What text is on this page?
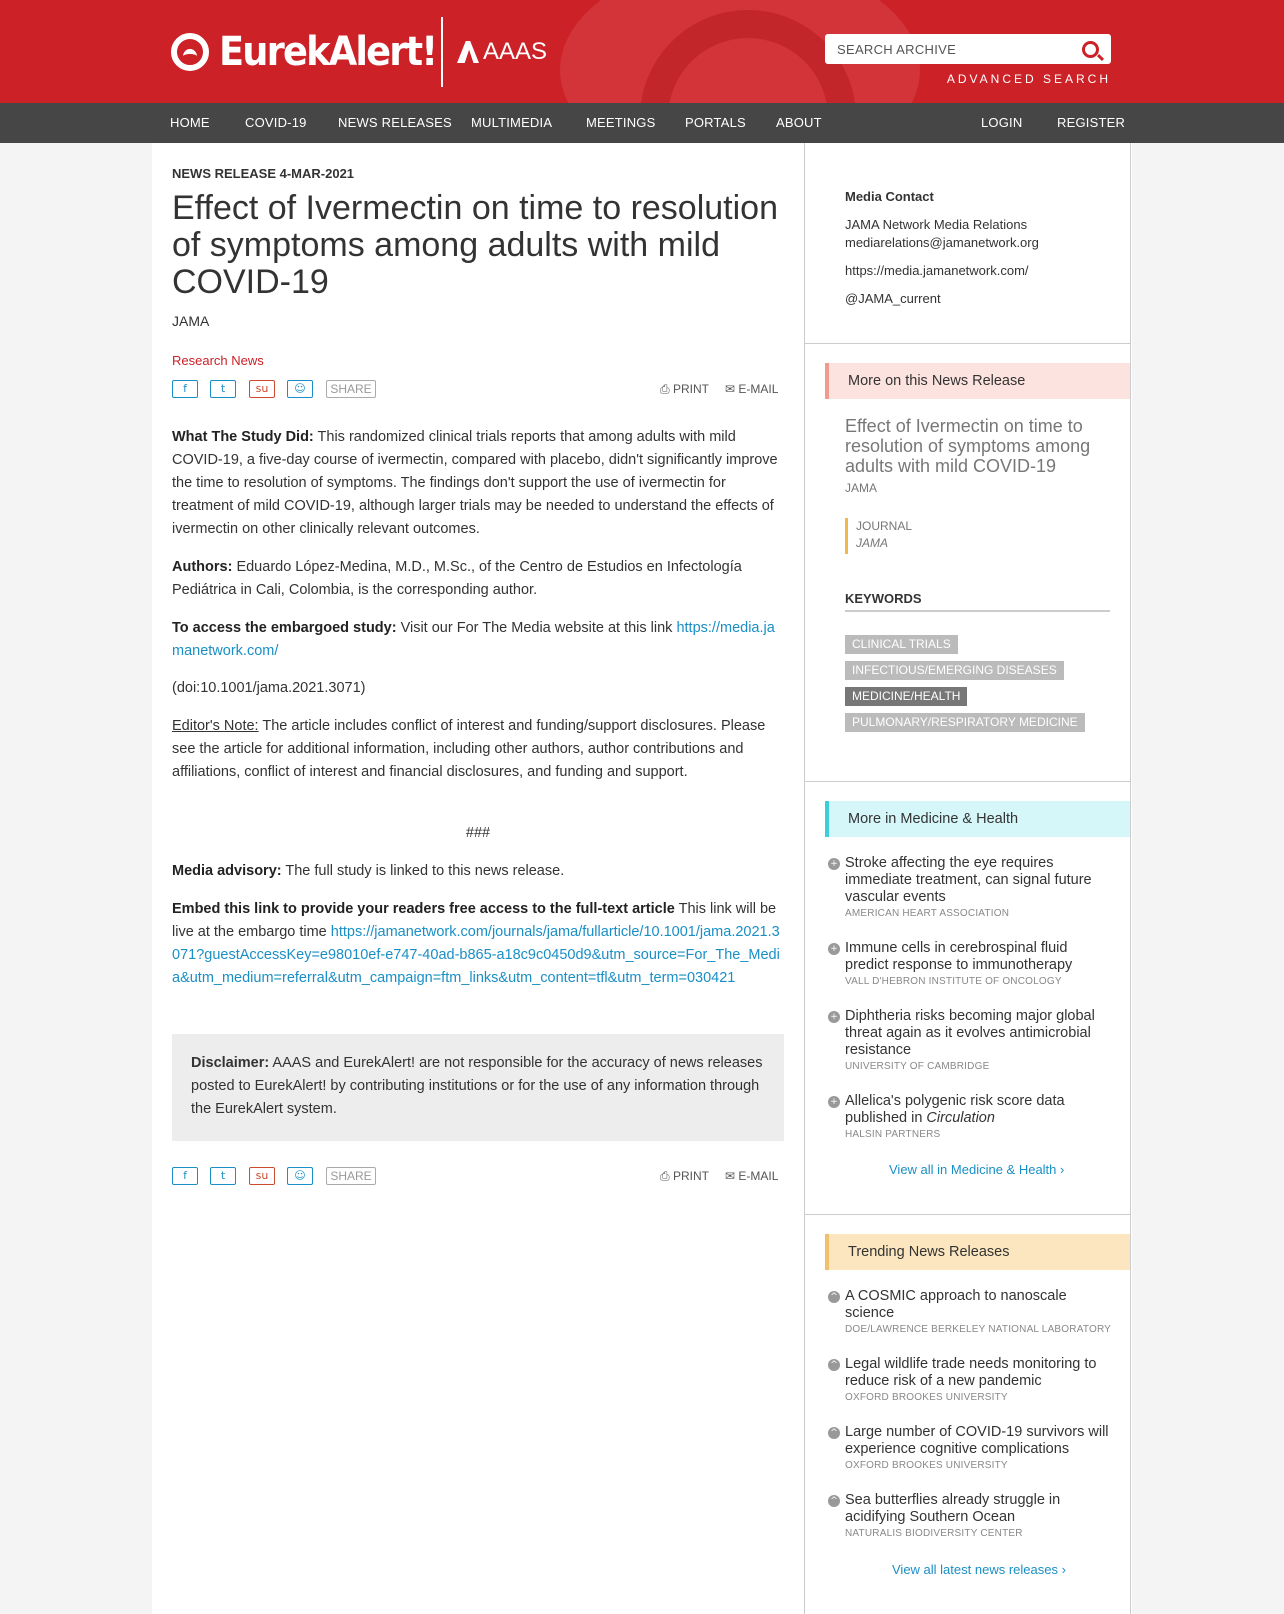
EurekAlert! AAAS	SEARCH ARCHIVE
ADVANCED SEARCH
HOME	COVID-19 NEWS RELEASES MULTIMEDIA	MEETINGS PORTALS ABOUT	LOGIN	REGISTER
NEWS RELEASE 4-MAR-2021
Effect of Ivermectin on time to resolution of symptoms among adults with mild COVID-19
JAMA
Research News
f	t	su	☺	SHARE	⎙ PRINT ✉ E-MAIL

What The Study Did: This randomized clinical trials reports that among adults with mild COVID-19, a five-day course of ivermectin, compared with placebo, didn't significantly improve the time to resolution of symptoms. The findings don't support the use of ivermectin for treatment of mild COVID-19, although larger trials may be needed to understand the effects of ivermectin on other clinically relevant outcomes.

Authors: Eduardo López-Medina, M.D., M.Sc., of the Centro de Estudios en Infectología Pediátrica in Cali, Colombia, is the corresponding author.

To access the embargoed study: Visit our For The Media website at this link https://media.jamanetwork.com/

(doi:10.1001/jama.2021.3071)

Editor's Note: The article includes conflict of interest and funding/support disclosures. Please see the article for additional information, including other authors, author contributions and affiliations, conflict of interest and financial disclosures, and funding and support.

###

Media advisory: The full study is linked to this news release.

Embed this link to provide your readers free access to the full-text article This link will be live at the embargo time https://jamanetwork.com/journals/jama/fullarticle/10.1001/jama.2021.3071?guestAccessKey=e98010ef-e747-40ad-b865-a18c9c0450d9&utm_source=For_The_Media&utm_medium=referral&utm_campaign=ftm_links&utm_content=tfl&utm_term=030421

Disclaimer: AAAS and EurekAlert! are not responsible for the accuracy of news releases posted to EurekAlert! by contributing institutions or for the use of any information through the EurekAlert system.
f	t	su	☺	SHARE	⎙ PRINT ✉ E-MAIL
Media Contact
JAMA Network Media Relations
mediarelations@jamanetwork.org
https://media.jamanetwork.com/
@JAMA_current
More on this News Release
Effect of Ivermectin on time to resolution of symptoms among adults with mild COVID-19
JAMA
JOURNAL
JAMA
KEYWORDS
CLINICAL TRIALS
INFECTIOUS/EMERGING DISEASES
MEDICINE/HEALTH
PULMONARY/RESPIRATORY MEDICINE
More in Medicine & Health
+ Stroke affecting the eye requires immediate treatment, can signal future vascular events
AMERICAN HEART ASSOCIATION
+ Immune cells in cerebrospinal fluid predict response to immunotherapy
VALL D'HEBRON INSTITUTE OF ONCOLOGY
+ Diphtheria risks becoming major global threat again as it evolves antimicrobial resistance
UNIVERSITY OF CAMBRIDGE
+ Allelica's polygenic risk score data published in Circulation
HALSIN PARTNERS
View all in Medicine & Health ›
Trending News Releases
^ A COSMIC approach to nanoscale science
DOE/LAWRENCE BERKELEY NATIONAL LABORATORY
^ Legal wildlife trade needs monitoring to reduce risk of a new pandemic
OXFORD BROOKES UNIVERSITY
^ Large number of COVID-19 survivors will experience cognitive complications
OXFORD BROOKES UNIVERSITY
^ Sea butterflies already struggle in acidifying Southern Ocean
NATURALIS BIODIVERSITY CENTER
View all latest news releases ›
